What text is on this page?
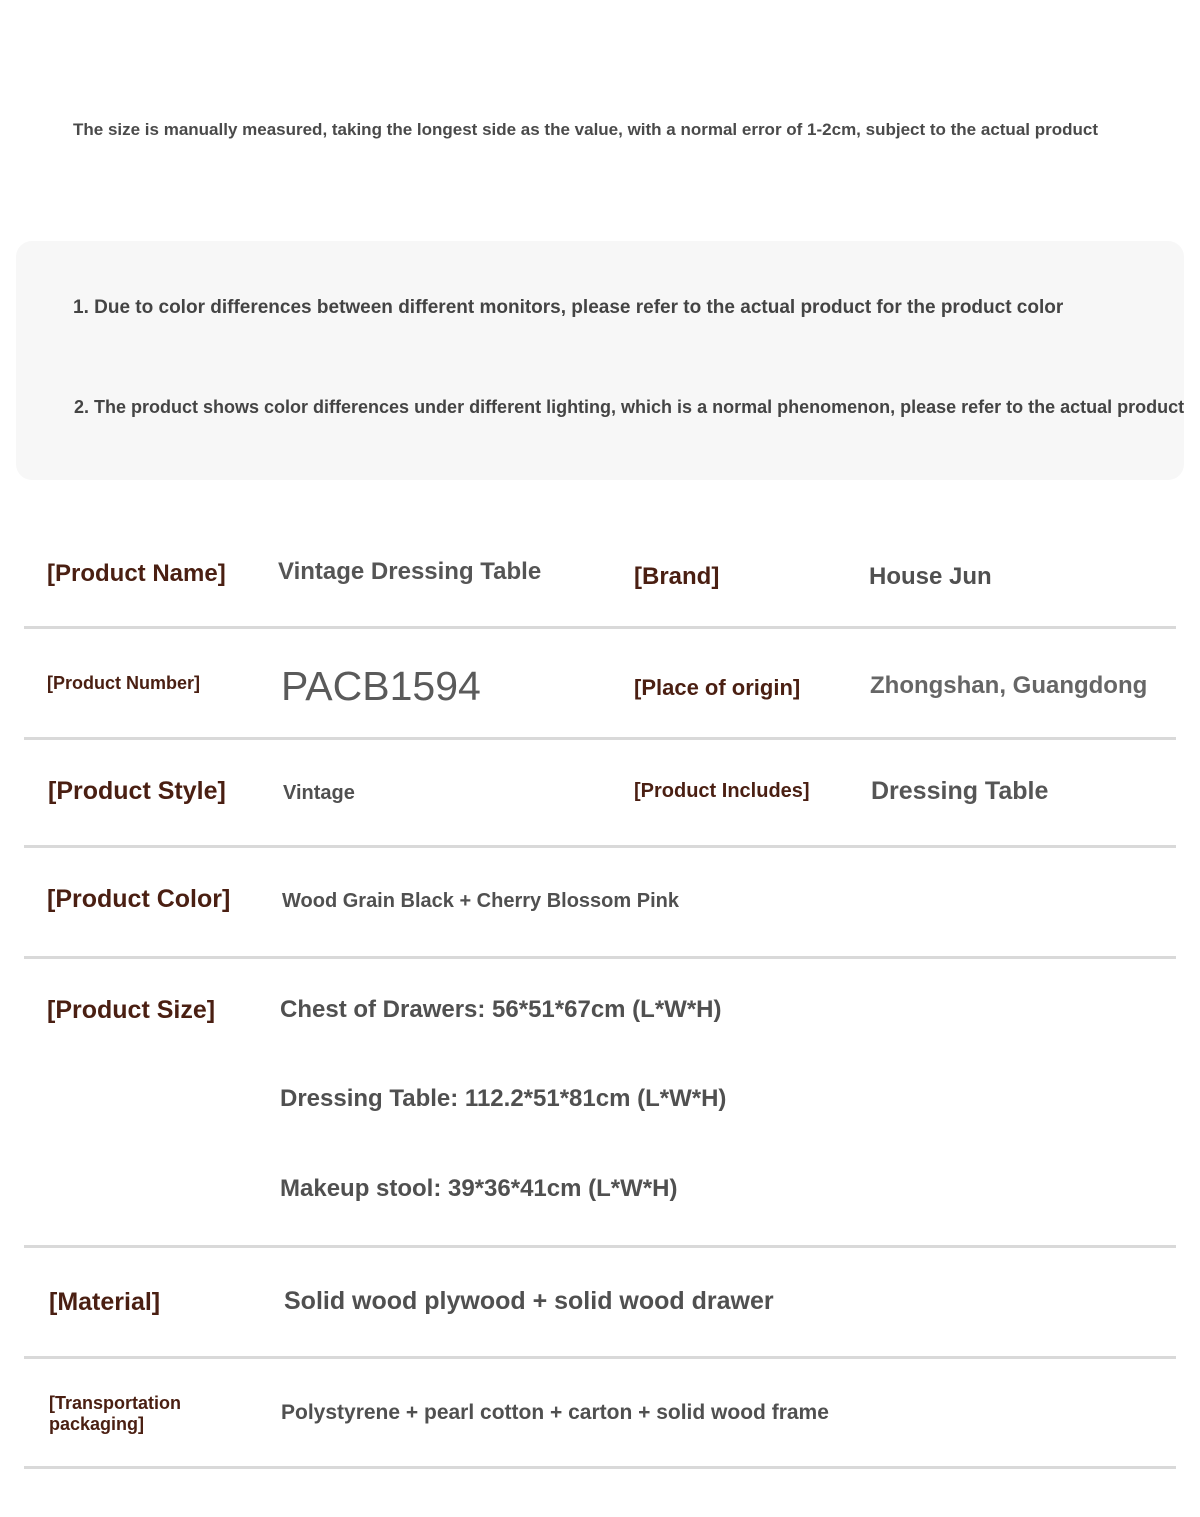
The size is manually measured, taking the longest side as the value, with a normal error of 1-2cm, subject to the actual product
1. Due to color differences between different monitors, please refer to the actual product for the product color
2. The product shows color differences under different lighting, which is a normal phenomenon, please refer to the actual product
[Product Name] Vintage Dressing Table	[Brand]	House Jun
[Product Number] PACB1594	[Place of origin]	Zhongshan, Guangdong
[Product Style]	Vintage	[Product Includes] Dressing Table
[Product Color]	Wood Grain Black + Cherry Blossom Pink
[Product Size]	Chest of Drawers: 56*51*67cm (L*W*H)
Dressing Table: 112.2*51*81cm (L*W*H)
Makeup stool: 39*36*41cm (L*W*H)
[Material]	Solid wood plywood + solid wood drawer
[Transportation packaging]	Polystyrene + pearl cotton + carton + solid wood frame
